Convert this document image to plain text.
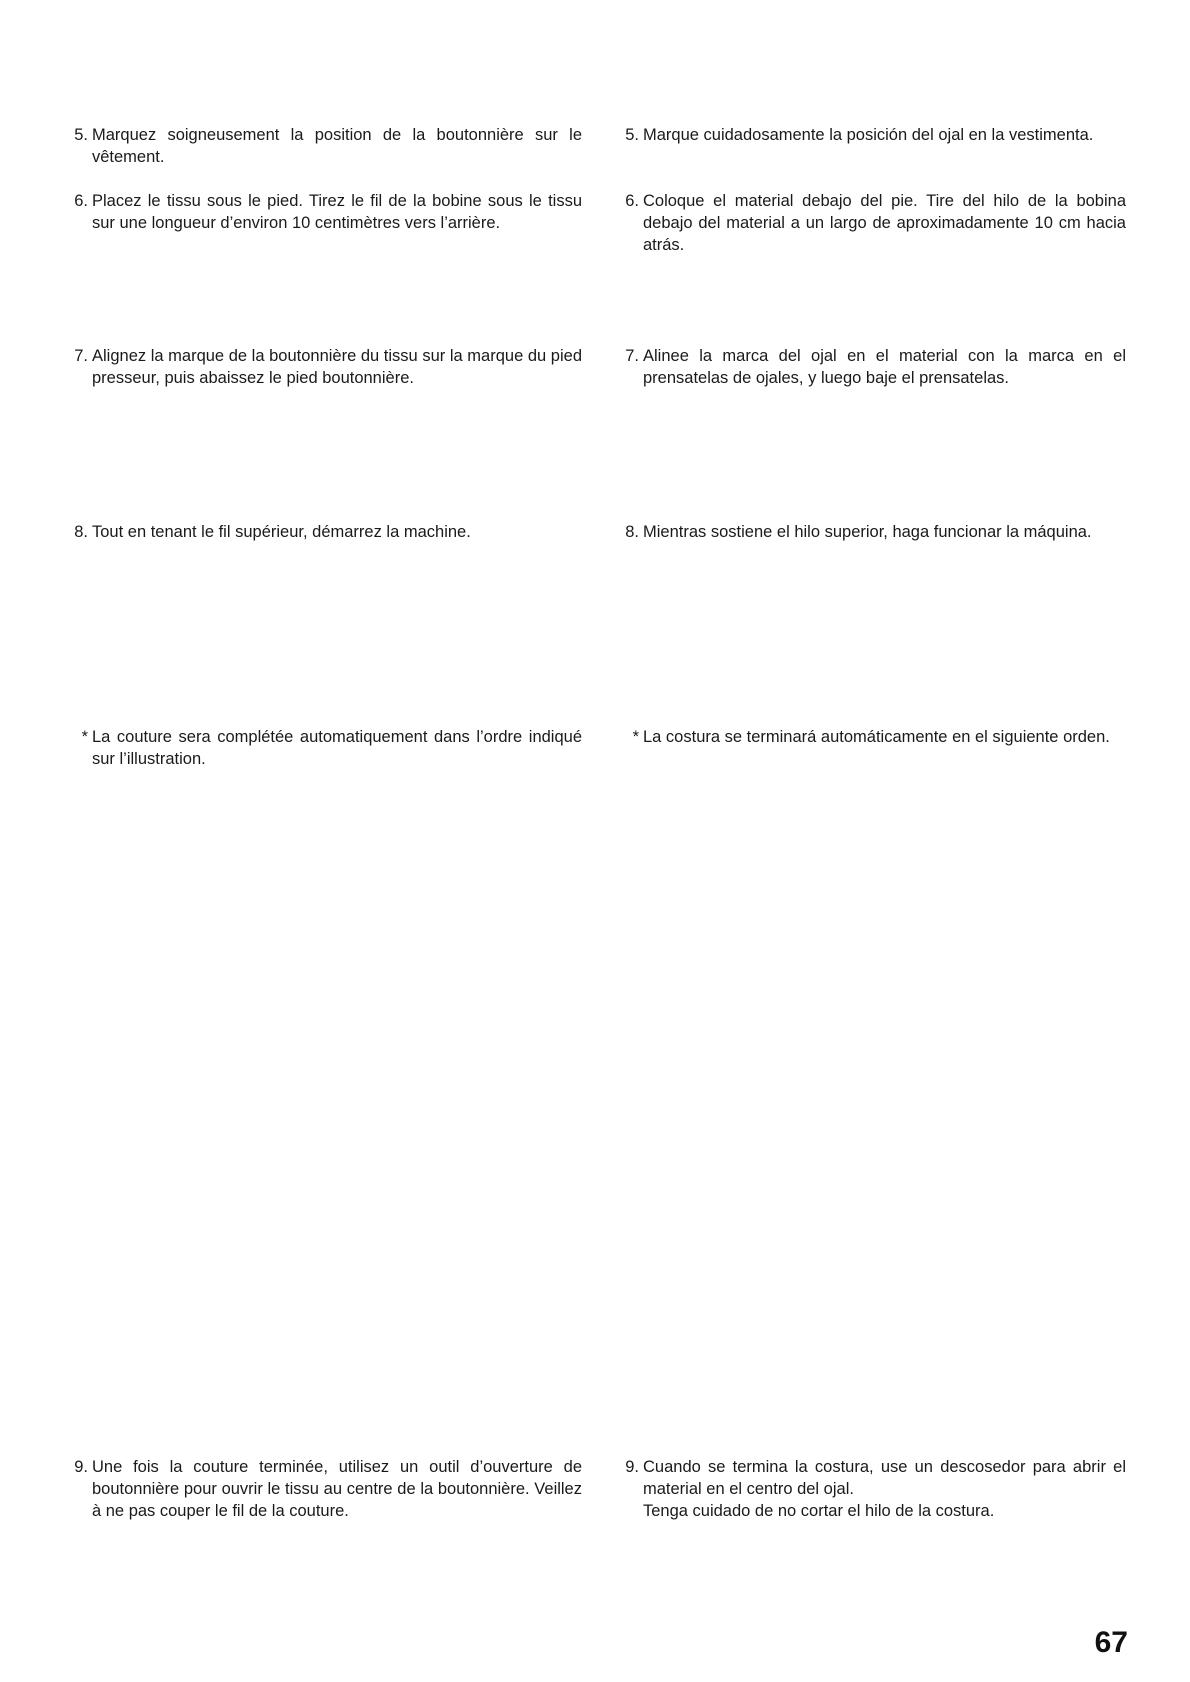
5. Marquez soigneusement la position de la boutonnière sur le vêtement.
6. Placez le tissu sous le pied. Tirez le fil de la bobine sous le tissu sur une longueur d’environ 10 centimètres vers l’arrière.
7. Alignez la marque de la boutonnière du tissu sur la marque du pied presseur, puis abaissez le pied boutonnière.
8. Tout en tenant le fil supérieur, démarrez la machine.
* La couture sera complétée automatiquement dans l’ordre indiqué sur l’illustration.
9. Une fois la couture terminée, utilisez un outil d’ouverture de boutonnière pour ouvrir le tissu au centre de la boutonnière. Veillez à ne pas couper le fil de la couture.
5. Marque cuidadosamente la posición del ojal en la vestimenta.
6. Coloque el material debajo del pie. Tire del hilo de la bobina debajo del material a un largo de aproximadamente 10 cm hacia atrás.
7. Alinee la marca del ojal en el material con la marca en el prensatelas de ojales, y luego baje el prensatelas.
8. Mientras sostiene el hilo superior, haga funcionar la máquina.
* La costura se terminará automáticamente en el siguiente orden.
9. Cuando se termina la costura, use un descosedor para abrir el material en el centro del ojal.
Tenga cuidado de no cortar el hilo de la costura.
67
